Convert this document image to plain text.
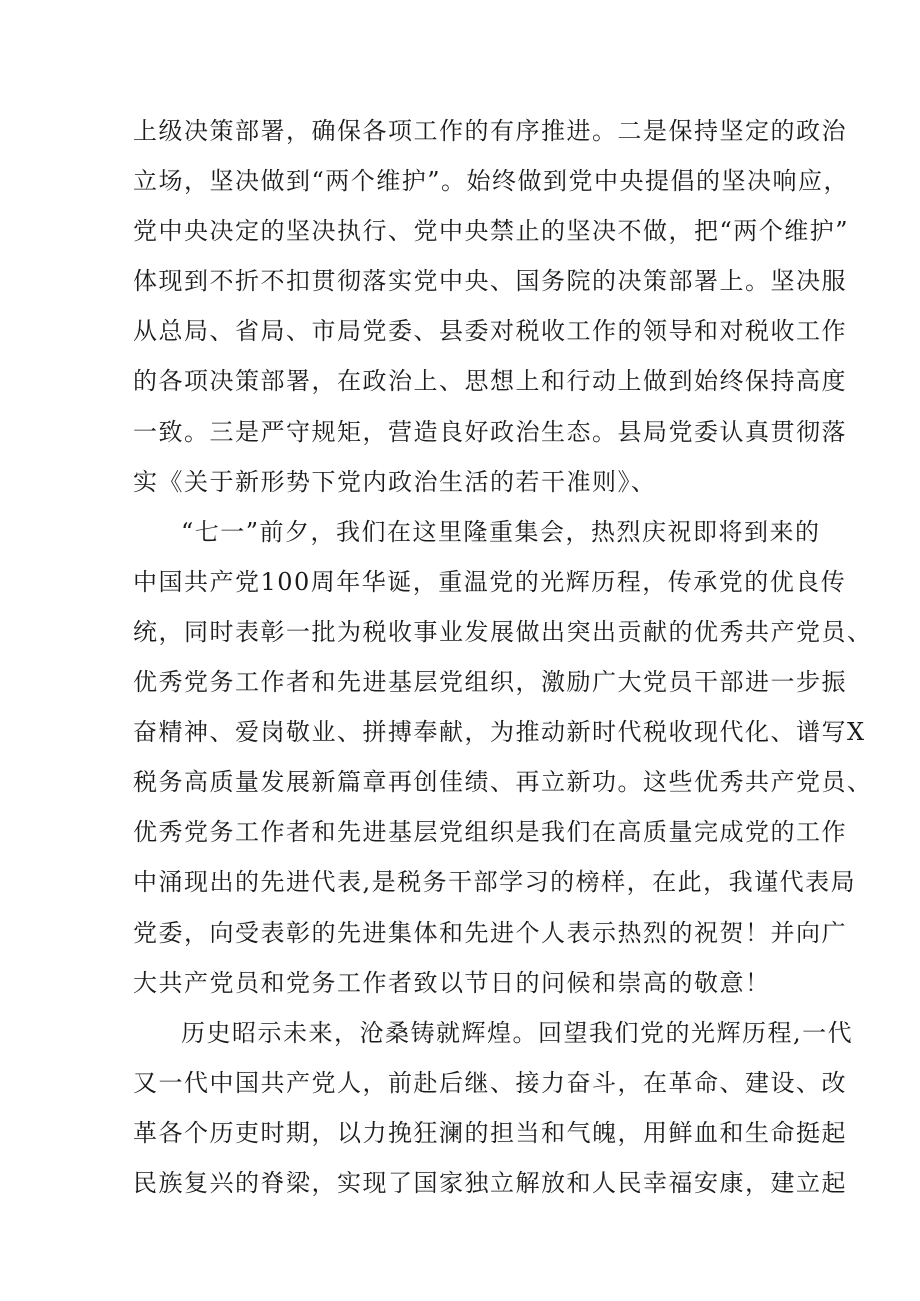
上级决策部署，确保各项工作的有序推进。二是保持坚定的政治
立场，坚决做到“两个维护”。始终做到党中央提倡的坚决响应，
党中央决定的坚决执行、党中央禁止的坚决不做，把“两个维护”
体现到不折不扣贯彻落实党中央、国务院的决策部署上。坚决服
从总局、省局、市局党委、县委对税收工作的领导和对税收工作
的各项决策部署，在政治上、思想上和行动上做到始终保持高度
一致。三是严守规矩，营造良好政治生态。县局党委认真贯彻落
实《关于新形势下党内政治生活的若干准则》、
“七一”前夕，我们在这里隆重集会，热烈庆祝即将到来的
中国共产党100周年华诞，重温党的光辉历程，传承党的优良传
统，同时表彰一批为税收事业发展做出突出贡献的优秀共产党员、
优秀党务工作者和先进基层党组织，激励广大党员干部进一步振
奋精神、爱岗敬业、拼搏奉献，为推动新时代税收现代化、谱写X
税务高质量发展新篇章再创佳绩、再立新功。这些优秀共产党员、
优秀党务工作者和先进基层党组织是我们在高质量完成党的工作
中涌现出的先进代表,是税务干部学习的榜样，在此，我谨代表局
党委，向受表彰的先进集体和先进个人表示热烈的祝贺！并向广
大共产党员和党务工作者致以节日的问候和崇高的敬意！
历史昭示未来，沧桑铸就辉煌。回望我们党的光辉历程,一代
又一代中国共产党人，前赴后继、接力奋斗，在革命、建设、改
革各个历吏时期，以力挽狂澜的担当和气魄，用鲜血和生命挺起
民族复兴的脊梁，实现了国家独立解放和人民幸福安康，建立起
